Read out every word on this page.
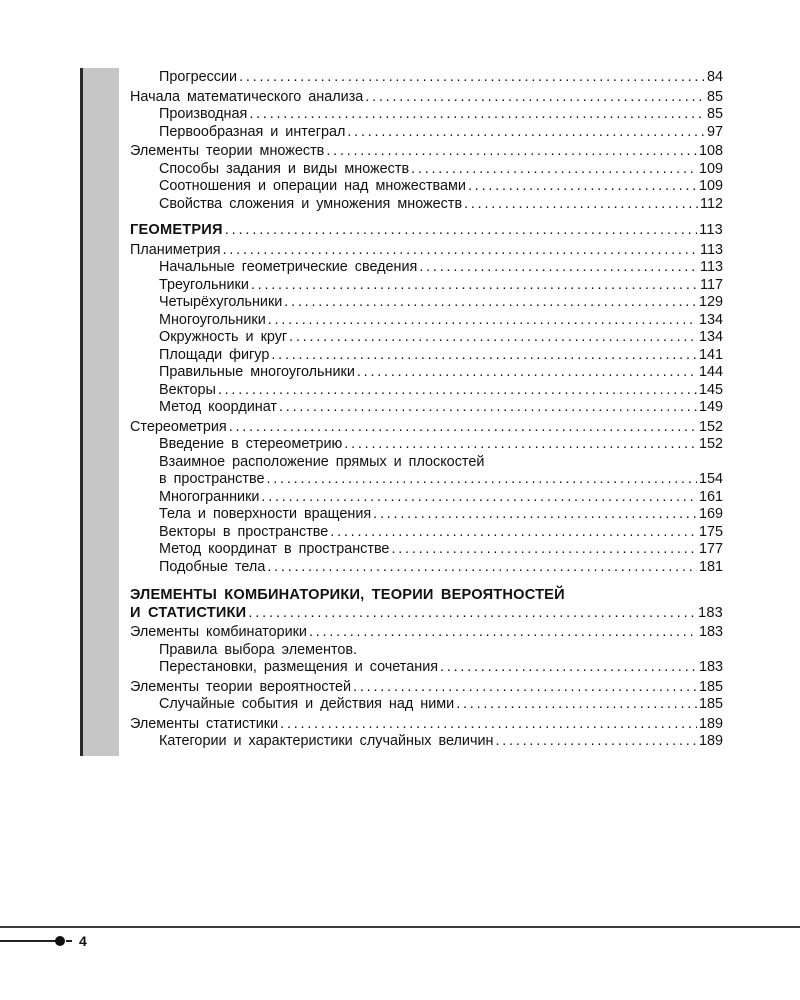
Прогрессии . . .	84
Начала математического анализа . . .	85
Производная . . .	85
Первообразная и интеграл . . .	97
Элементы теории множеств . . .	108
Способы задания и виды множеств . . .	109
Соотношения и операции над множествами . . .	109
Свойства сложения и умножения множеств . . .	112
ГЕОМЕТРИЯ . . .	113
Планиметрия . . .	113
Начальные геометрические сведения . . .	113
Треугольники . . .	117
Четырёхугольники . . .	129
Многоугольники . . .	134
Окружность и круг . . .	134
Площади фигур . . .	141
Правильные многоугольники . . .	144
Векторы . . .	145
Метод координат . . .	149
Стереометрия . . .	152
Введение в стереометрию . . .	152
Взаимное расположение прямых и плоскостей
в пространстве . . .	154
Многогранники . . .	161
Тела и поверхности вращения . . .	169
Векторы в пространстве . . .	175
Метод координат в пространстве . . .	177
Подобные тела . . .	181
ЭЛЕМЕНТЫ КОМБИНАТОРИКИ, ТЕОРИИ ВЕРОЯТНОСТЕЙ
И СТАТИСТИКИ . . .	183
Элементы комбинаторики . . .	183
Правила выбора элементов.
Перестановки, размещения и сочетания . . .	183
Элементы теории вероятностей . . .	185
Случайные события и действия над ними . . .	185
Элементы статистики . . .	189
Категории и характеристики случайных величин . . .	189
4
